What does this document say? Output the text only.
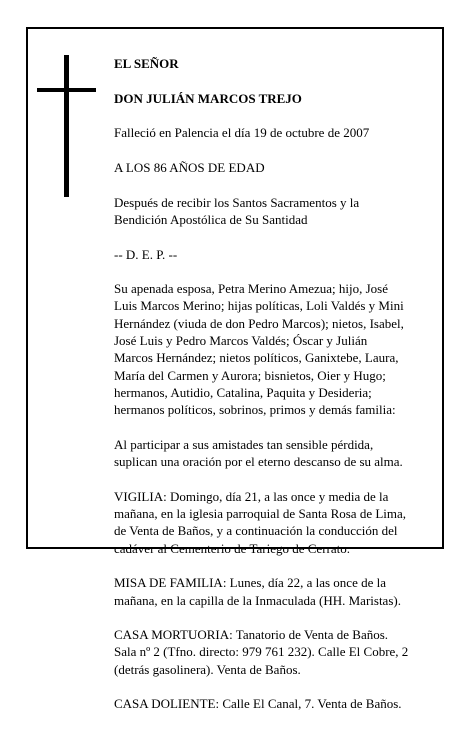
EL SEÑOR

DON JULIÁN MARCOS TREJO

Falleció en Palencia el día 19 de octubre de 2007

A LOS 86 AÑOS DE EDAD

Después de recibir los Santos Sacramentos y la
Bendición Apostólica de Su Santidad

-- D. E. P. --

Su apenada esposa, Petra Merino Amezua; hijo, José
Luis Marcos Merino; hijas políticas, Loli Valdés y Mini
Hernández (viuda de don Pedro Marcos); nietos, Isabel,
José Luis y Pedro Marcos Valdés; Óscar y Julián
Marcos Hernández; nietos políticos, Ganixtebe, Laura,
María del Carmen y Aurora; bisnietos, Oier y Hugo;
hermanos, Autidio, Catalina, Paquita y Desideria;
hermanos políticos, sobrinos, primos y demás familia:

Al participar a sus amistades tan sensible pérdida,
suplican una oración por el eterno descanso de su alma.

VIGILIA: Domingo, día 21, a las once y media de la
mañana, en la iglesia parroquial de Santa Rosa de Lima,
de Venta de Baños, y a continuación la conducción del
cadáver al Cementerio de Tariego de Cerrato.

MISA DE FAMILIA: Lunes, día 22, a las once de la
mañana, en la capilla de la Inmaculada (HH. Maristas).

CASA MORTUORIA: Tanatorio de Venta de Baños.
Sala nº 2 (Tfno. directo: 979 761 232). Calle El Cobre, 2
(detrás gasolinera). Venta de Baños.

CASA DOLIENTE: Calle El Canal, 7. Venta de Baños.
